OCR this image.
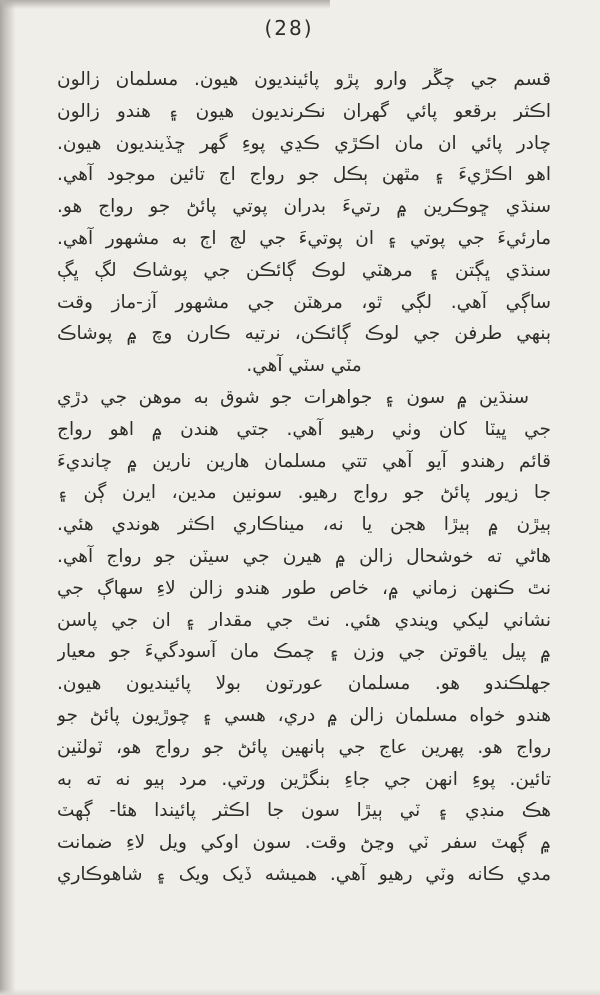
(28)
قسم جي چڱر وارو پڙو پائينديون هيون. مسلمان زالون
اڪثر برقعو پائي گهران نڪرنديون هيون ۽ هندو زالون
چادر پائي ان مان اڪڙي ڪڍي پوءِ گهر ڇڏينديون هيون.
اهو اڪڙيءَ ۽ مٿهن ٻڪل جو رواج اڄ تائين موجود آهي.
سنڌي ڇوڪرين ۾ رتيءَ بدران پوتي پائڻ جو رواج هو.
مارئيءَ جي پوتي ۽ ان پوتيءَ جي لڄ اڄ به مشهور آهي.
سنڌي ڀڳتن ۽ مرهٽي لوڪ ڳائڪن جي پوشاڪ لڳ ڀڳ
ساڳي آهي. لڳي ٿو، مرهٽن جي مشهور آز-ماز وقت
ٻنهي طرفن جي لوڪ ڳائڪن، نرتيه ڪارن وچ ۾ پوشاڪ
مٽي سٽي آهي.
سنڌين ۾ سون ۽ جواهرات جو شوق به موهن جي دڙي
جي ڀيٽا کان وٺي رهيو آهي. جتي هندن ۾ اهو رواج
قائم رهندو آيو آهي تتي مسلمان هارين نارين ۾ چانديءَ
جا زيور پائڻ جو رواج رهيو. سونين مدين، ايرن ڳن ۽
ٻيڙن ۾ ٻيڙا هجن يا نه، ميناڪاري اڪثر هوندي هئي.
هاڻي ته خوشحال زالن ۾ هيرن جي سيٽن جو رواج آهي.
نٿ ڪنهن زماني ۾، خاص طور هندو زالن لاءِ سهاڳ جي
نشاني ليکي ويندي هئي. نٿ جي مقدار ۽ ان جي پاسن
۾ پيل ياقوتن جي وزن ۽ چمڪ مان آسودگيءَ جو معيار
جهلڪندو هو. مسلمان عورتون بولا پائينديون هيون.
هندو خواه مسلمان زالن ۾ دري، هسي ۽ چوڙيون پائڻ جو
رواج هو. پهرين عاج جي ٻانهين پائڻ جو رواج هو، ٽولٽين
تائين. پوءِ انهن جي جاءِ بنگڙين ورتي. مرد ٻيو نه ته به
هڪ منڊي ۽ ٽي ٻيڙا سون جا اڪثر پائيندا هئا- ڳهٽ
۾ ڳهٽ سفر ٽي وڃڻ وقت. سون اوکي ويل لاءِ ضمانت
مدي ڪانه وٽي رهيو آهي. هميشه ڏيک ويک ۽ شاهوڪاري
